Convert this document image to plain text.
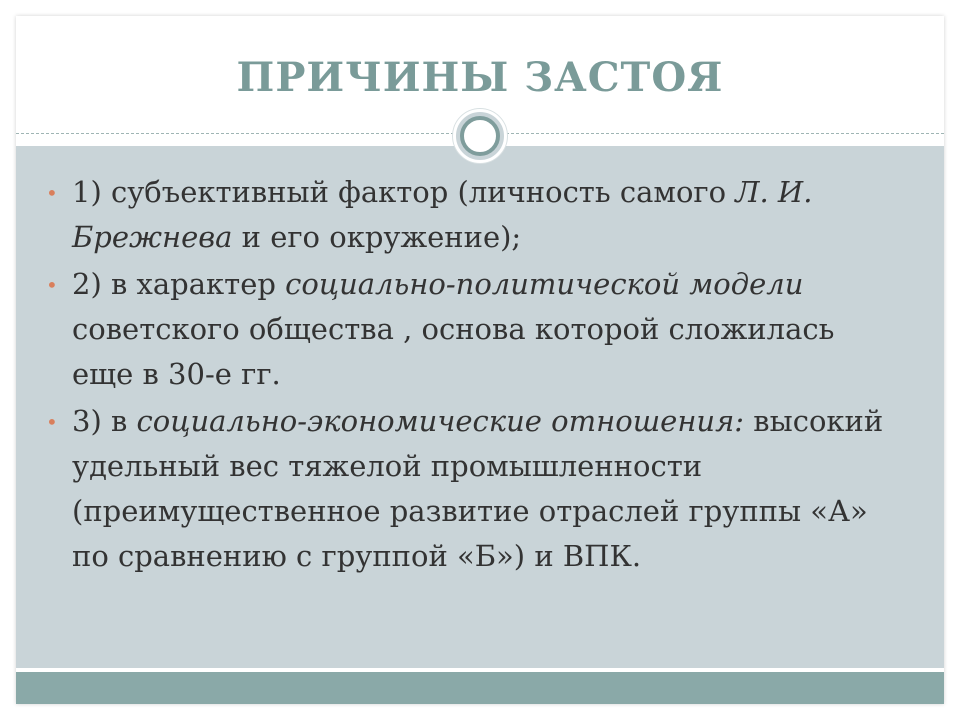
ПРИЧИНЫ ЗАСТОЯ
• 1) субъективный фактор (личность самого Л. И. Брежнева и его окружение);
• 2) в характер социально-политической модели советского общества , основа которой сложилась еще в 30-е гг.
• 3) в социально-экономические отношения: высокий удельный вес тяжелой промышленности (преимущественное развитие отраслей группы «А» по сравнению с группой «Б») и ВПК.
